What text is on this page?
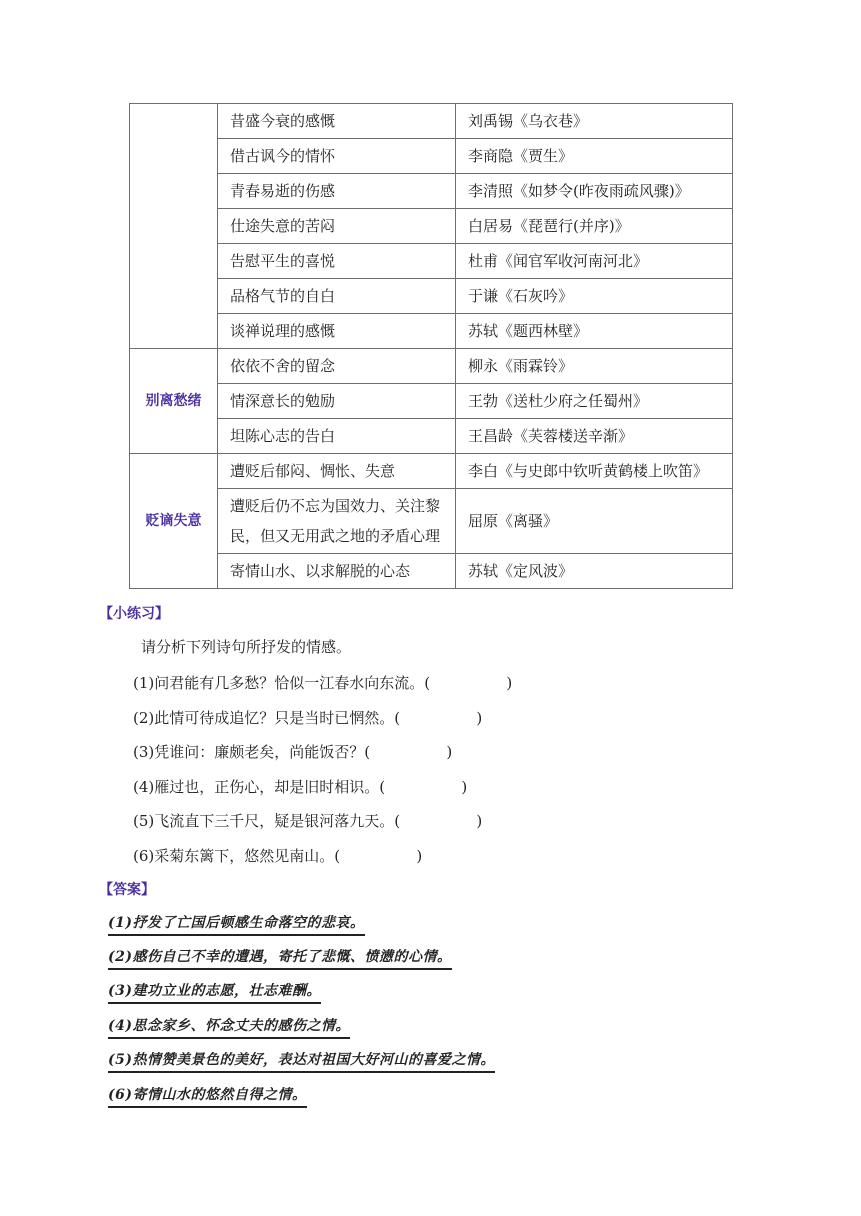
	昔盛今衰的感慨	刘禹锡《乌衣巷》
	借古讽今的情怀	李商隐《贾生》
	青春易逝的伤感	李清照《如梦令(昨夜雨疏风骤)》
	仕途失意的苦闷	白居易《琵琶行(并序)》
	告慰平生的喜悦	杜甫《闻官军收河南河北》
	品格气节的自白	于谦《石灰吟》
	谈禅说理的感慨	苏轼《题西林壁》
别离愁绪	依依不舍的留念	柳永《雨霖铃》
	情深意长的勉励	王勃《送杜少府之任蜀州》
	坦陈心志的告白	王昌龄《芙蓉楼送辛渐》
贬谪失意	遭贬后郁闷、惆怅、失意	李白《与史郎中钦听黄鹤楼上吹笛》
	遭贬后仍不忘为国效力、关注黎民，但又无用武之地的矛盾心理	屈原《离骚》
	寄情山水、以求解脱的心态	苏轼《定风波》
【小练习】
请分析下列诗句所抒发的情感。
(1)问君能有几多愁？恰似一江春水向东流。(                )
(2)此情可待成追忆？只是当时已惘然。(                )
(3)凭谁问：廉颇老矣，尚能饭否？(                )
(4)雁过也，正伤心，却是旧时相识。(                )
(5)飞流直下三千尺，疑是银河落九天。(                )
(6)采菊东篱下，悠然见南山。(                )
【答案】
(1)抒发了亡国后顿感生命落空的悲哀。
(2)感伤自己不幸的遭遇，寄托了悲慨、愤懑的心情。
(3)建功立业的志愿，壮志难酬。
(4)思念家乡、怀念丈夫的感伤之情。
(5)热情赞美景色的美好，表达对祖国大好河山的喜爱之情。
(6)寄情山水的悠然自得之情。
